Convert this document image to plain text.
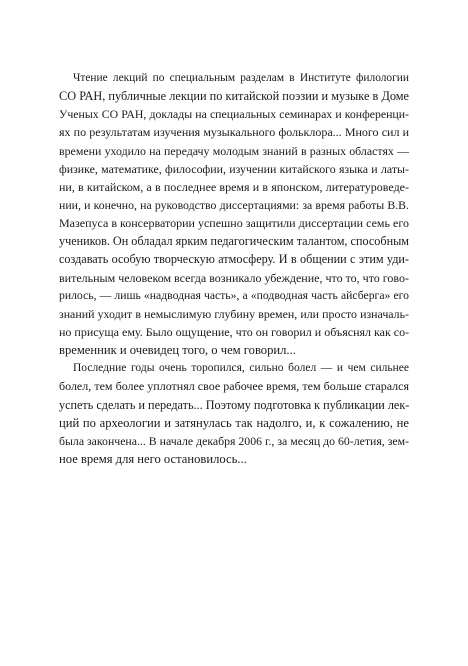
Чтение лекций по специальным разделам в Институте филологии
СО РАН, публичные лекции по китайской поэзии и музыке в Доме
Ученых СО РАН, доклады на специальных семинарах и конференци-
ях по результатам изучения музыкального фольклора... Много сил и
времени уходило на передачу молодым знаний в разных областях —
физике, математике, философии, изучении китайского языка и латы-
ни, в китайском, а в последнее время и в японском, литературоведе-
нии, и конечно, на руководство диссертациями: за время работы В.В.
Мазепуса в консерватории успешно защитили диссертации семь его
учеников. Он обладал ярким педагогическим талантом, способным
создавать особую творческую атмосферу. И в общении с этим уди-
вительным человеком всегда возникало убеждение, что то, что гово-
рилось, — лишь «надводная часть», а «подводная часть айсберга» его
знаний уходит в немыслимую глубину времен, или просто изначаль-
но присуща ему. Было ощущение, что он говорил и объяснял как со-
временник и очевидец того, о чем говорил...
Последние годы очень торопился, сильно болел — и чем сильнее
болел, тем более уплотнял свое рабочее время, тем больше старался
успеть сделать и передать... Поэтому подготовка к публикации лек-
ций по археологии и затянулась так надолго, и, к сожалению, не
была закончена... В начале декабря 2006 г., за месяц до 60-летия, зем-
ное время для него остановилось...
